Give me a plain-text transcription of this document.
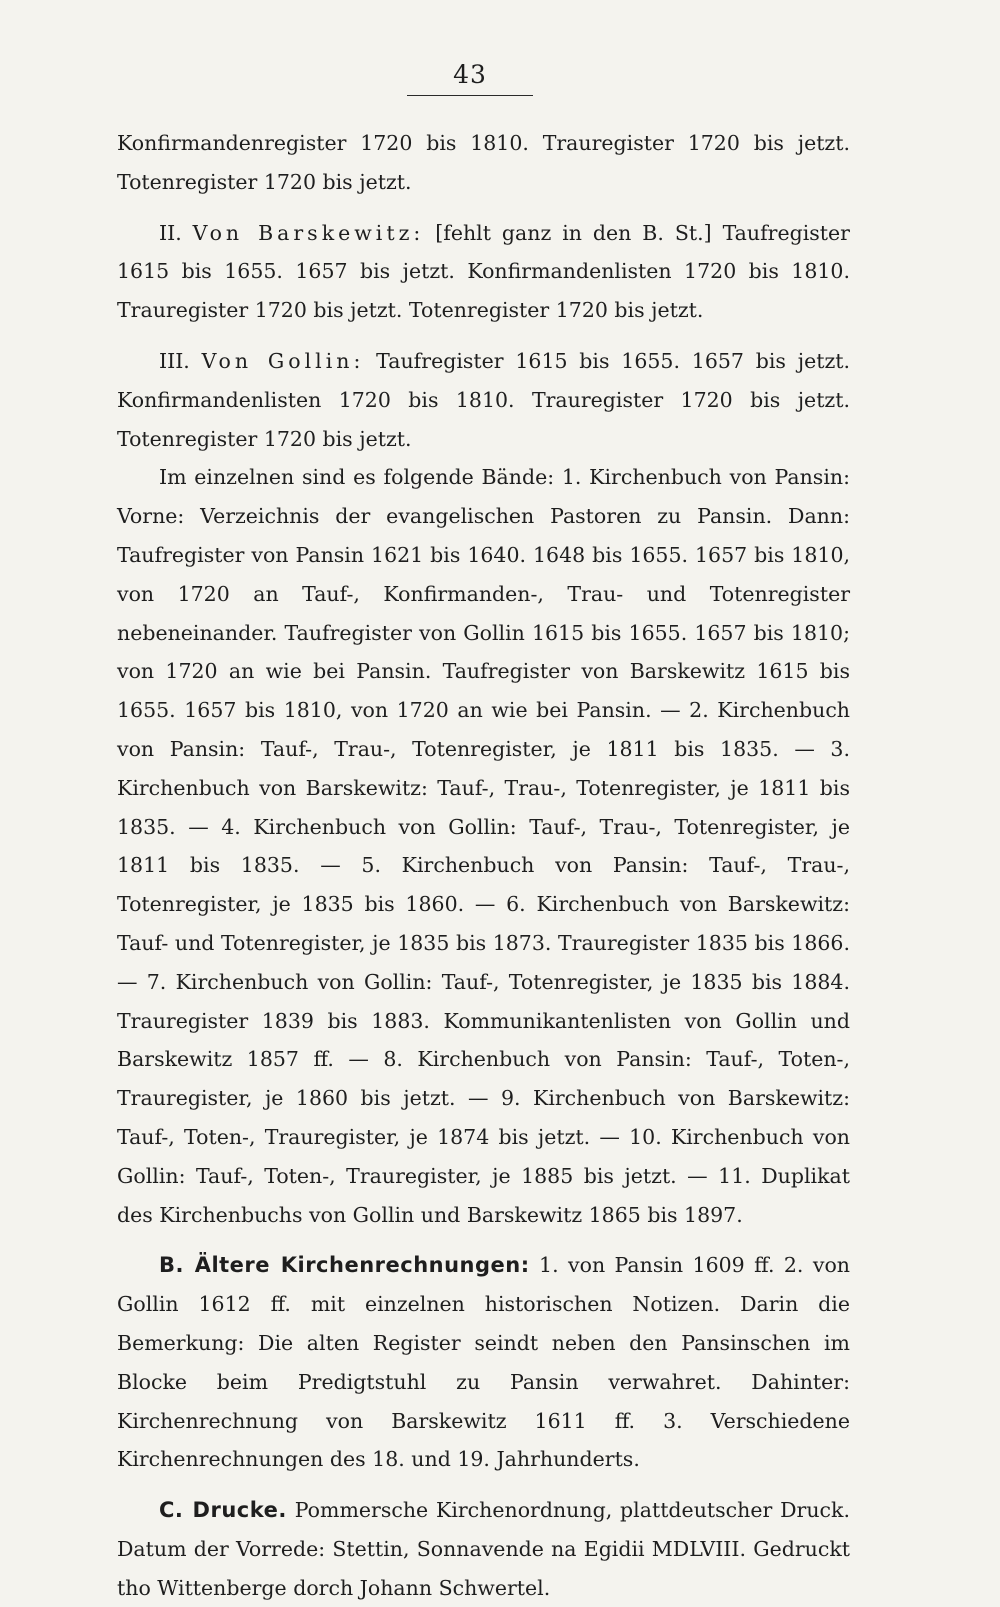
43

Konfirmandenregister 1720 bis 1810. Trauregister 1720 bis jetzt. Totenregister 1720 bis jetzt.

II. Von Barskewitz: [fehlt ganz in den B. St.] Taufregister 1615 bis 1655. 1657 bis jetzt. Konfirmandenlisten 1720 bis 1810. Trauregister 1720 bis jetzt. Totenregister 1720 bis jetzt.

III. Von Gollin: Taufregister 1615 bis 1655. 1657 bis jetzt. Konfirmandenlisten 1720 bis 1810. Trauregister 1720 bis jetzt. Totenregister 1720 bis jetzt.

Im einzelnen sind es folgende Bände: 1. Kirchenbuch von Pansin: Vorne: Verzeichnis der evangelischen Pastoren zu Pansin. Dann: Taufregister von Pansin 1621 bis 1640. 1648 bis 1655. 1657 bis 1810, von 1720 an Tauf-, Konfirmanden-, Trau- und Totenregister nebeneinander. Taufregister von Gollin 1615 bis 1655. 1657 bis 1810; von 1720 an wie bei Pansin. Taufregister von Barskewitz 1615 bis 1655. 1657 bis 1810, von 1720 an wie bei Pansin. — 2. Kirchenbuch von Pansin: Tauf-, Trau-, Totenregister, je 1811 bis 1835. — 3. Kirchenbuch von Barskewitz: Tauf-, Trau-, Totenregister, je 1811 bis 1835. — 4. Kirchenbuch von Gollin: Tauf-, Trau-, Totenregister, je 1811 bis 1835. — 5. Kirchenbuch von Pansin: Tauf-, Trau-, Totenregister, je 1835 bis 1860. — 6. Kirchenbuch von Barskewitz: Tauf- und Totenregister, je 1835 bis 1873. Trauregister 1835 bis 1866. — 7. Kirchenbuch von Gollin: Tauf-, Totenregister, je 1835 bis 1884. Trauregister 1839 bis 1883. Kommunikantenlisten von Gollin und Barskewitz 1857 ff. — 8. Kirchenbuch von Pansin: Tauf-, Toten-, Trauregister, je 1860 bis jetzt. — 9. Kirchenbuch von Barskewitz: Tauf-, Toten-, Trauregister, je 1874 bis jetzt. — 10. Kirchenbuch von Gollin: Tauf-, Toten-, Trauregister, je 1885 bis jetzt. — 11. Duplikat des Kirchenbuchs von Gollin und Barskewitz 1865 bis 1897.

B. Ältere Kirchenrechnungen: 1. von Pansin 1609 ff. 2. von Gollin 1612 ff. mit einzelnen historischen Notizen. Darin die Bemerkung: Die alten Register seindt neben den Pansinschen im Blocke beim Predigtstuhl zu Pansin verwahret. Dahinter: Kirchenrechnung von Barskewitz 1611 ff. 3. Verschiedene Kirchenrechnungen des 18. und 19. Jahrhunderts.

C. Drucke. Pommersche Kirchenordnung, plattdeutscher Druck. Datum der Vorrede: Stettin, Sonnavende na Egidii MDLVIII. Gedruckt tho Wittenberge dorch Johann Schwertel.
